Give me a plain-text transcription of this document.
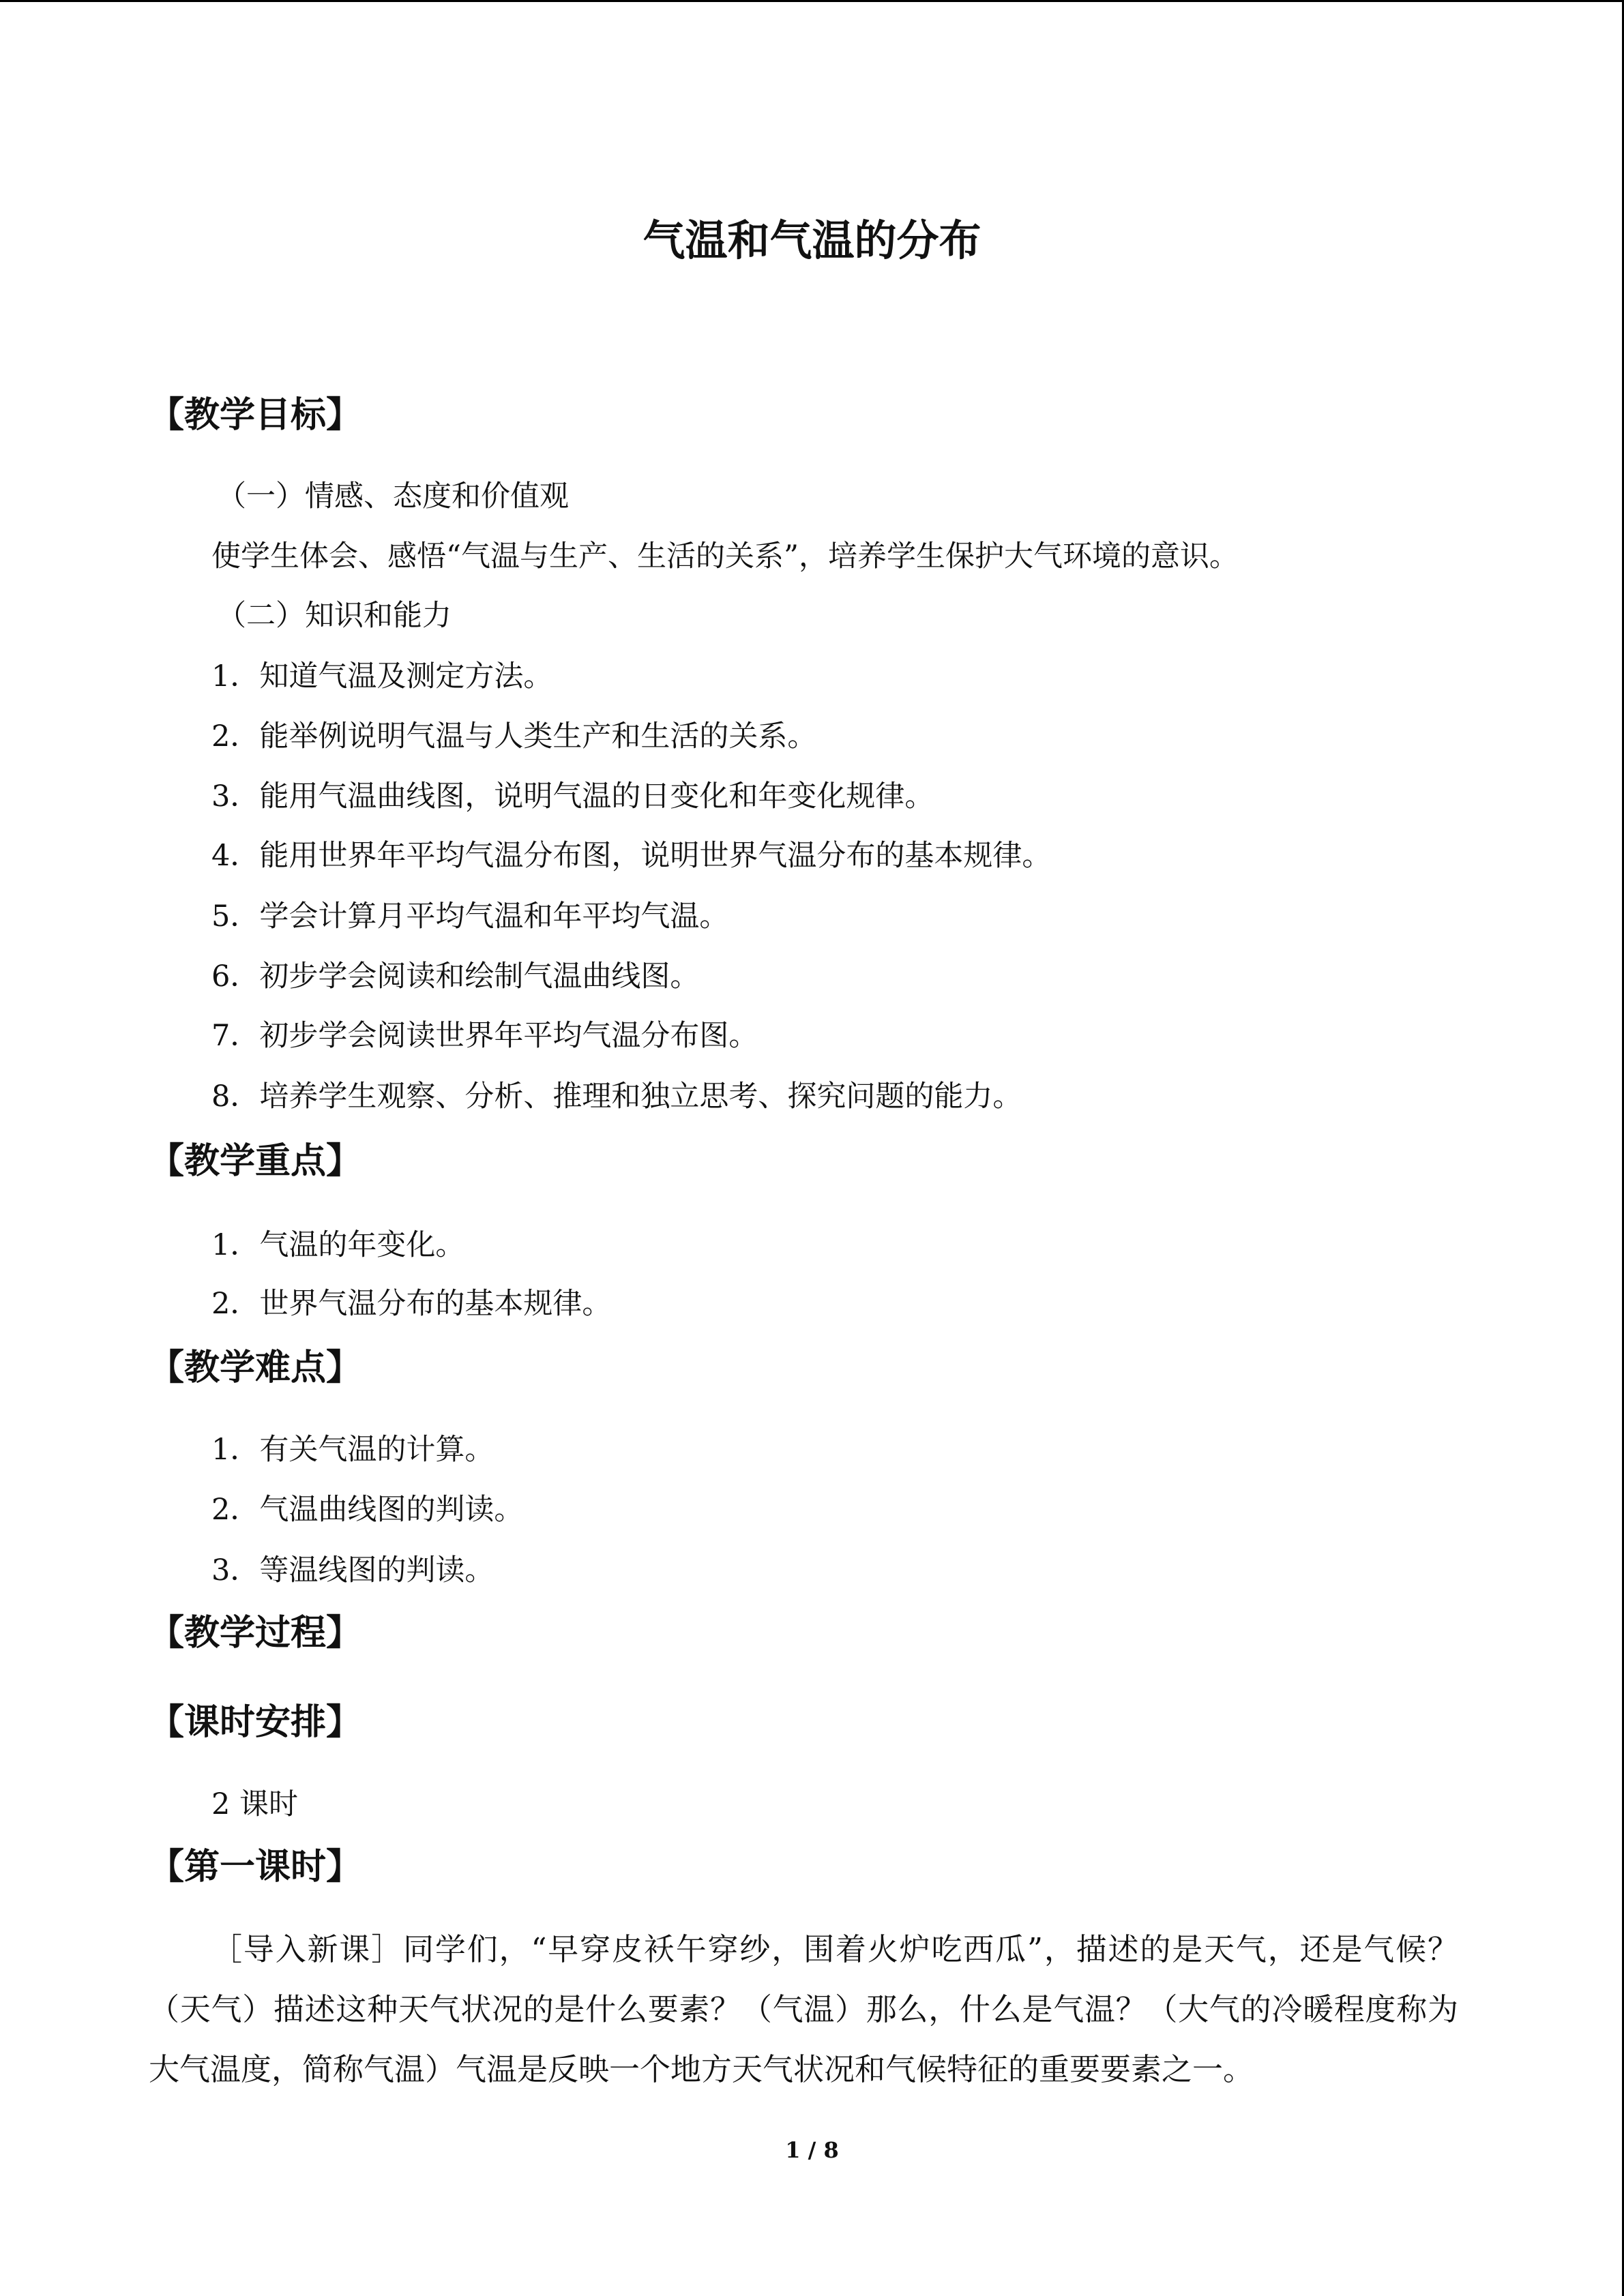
气温和气温的分布
【教学目标】
（一）情感、态度和价值观
使学生体会、感悟“气温与生产、生活的关系”，培养学生保护大气环境的意识。
（二）知识和能力
1．知道气温及测定方法。
2．能举例说明气温与人类生产和生活的关系。
3．能用气温曲线图，说明气温的日变化和年变化规律。
4．能用世界年平均气温分布图，说明世界气温分布的基本规律。
5．学会计算月平均气温和年平均气温。
6．初步学会阅读和绘制气温曲线图。
7．初步学会阅读世界年平均气温分布图。
8．培养学生观察、分析、推理和独立思考、探究问题的能力。
【教学重点】
1．气温的年变化。
2．世界气温分布的基本规律。
【教学难点】
1．有关气温的计算。
2．气温曲线图的判读。
3．等温线图的判读。
【教学过程】
【课时安排】
2 课时
【第一课时】

［导入新课］同学们，“早穿皮袄午穿纱，围着火炉吃西瓜”，描述的是天气，还是气候？（天气）描述这种天气状况的是什么要素？（气温）那么，什么是气温？（大气的冷暖程度称为大气温度，简称气温）气温是反映一个地方天气状况和气候特征的重要要素之一。

1 / 8
